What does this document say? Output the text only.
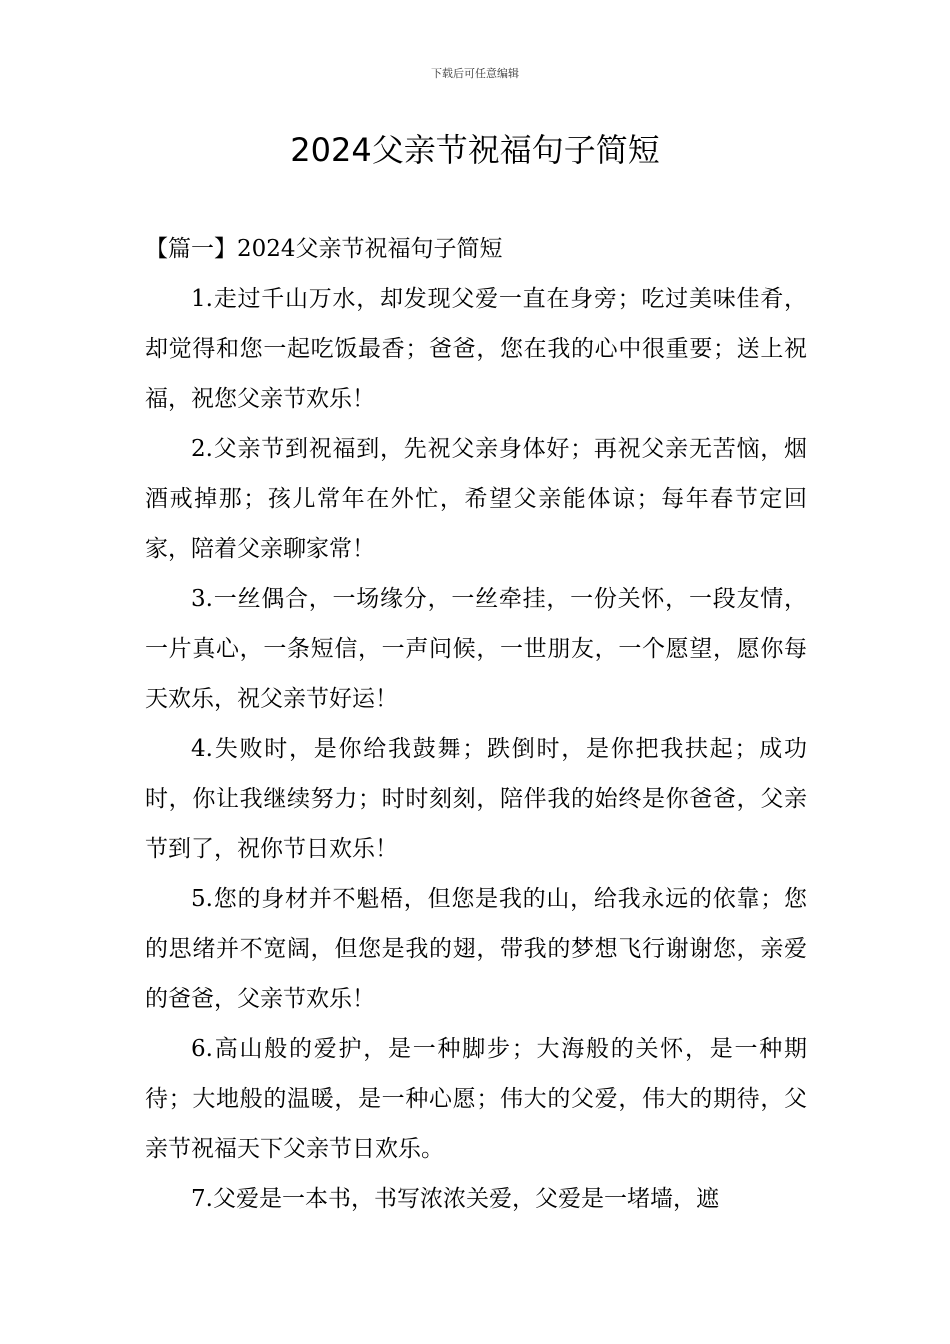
下载后可任意编辑
2024父亲节祝福句子简短

【篇一】2024父亲节祝福句子简短

1.走过千山万水，却发现父爱一直在身旁；吃过美味佳肴，却觉得和您一起吃饭最香；爸爸，您在我的心中很重要；送上祝福，祝您父亲节欢乐！

2.父亲节到祝福到，先祝父亲身体好；再祝父亲无苦恼，烟酒戒掉那；孩儿常年在外忙，希望父亲能体谅；每年春节定回家，陪着父亲聊家常！

3.一丝偶合，一场缘分，一丝牵挂，一份关怀，一段友情，一片真心，一条短信，一声问候，一世朋友，一个愿望，愿你每天欢乐，祝父亲节好运！

4.失败时，是你给我鼓舞；跌倒时，是你把我扶起；成功时，你让我继续努力；时时刻刻，陪伴我的始终是你爸爸，父亲节到了，祝你节日欢乐！

5.您的身材并不魁梧，但您是我的山，给我永远的依靠；您的思绪并不宽阔，但您是我的翅，带我的梦想飞行谢谢您，亲爱的爸爸，父亲节欢乐！

6.高山般的爱护，是一种脚步；大海般的关怀，是一种期待；大地般的温暖，是一种心愿；伟大的父爱，伟大的期待，父亲节祝福天下父亲节日欢乐。

7.父爱是一本书，书写浓浓关爱，父爱是一堵墙，遮
